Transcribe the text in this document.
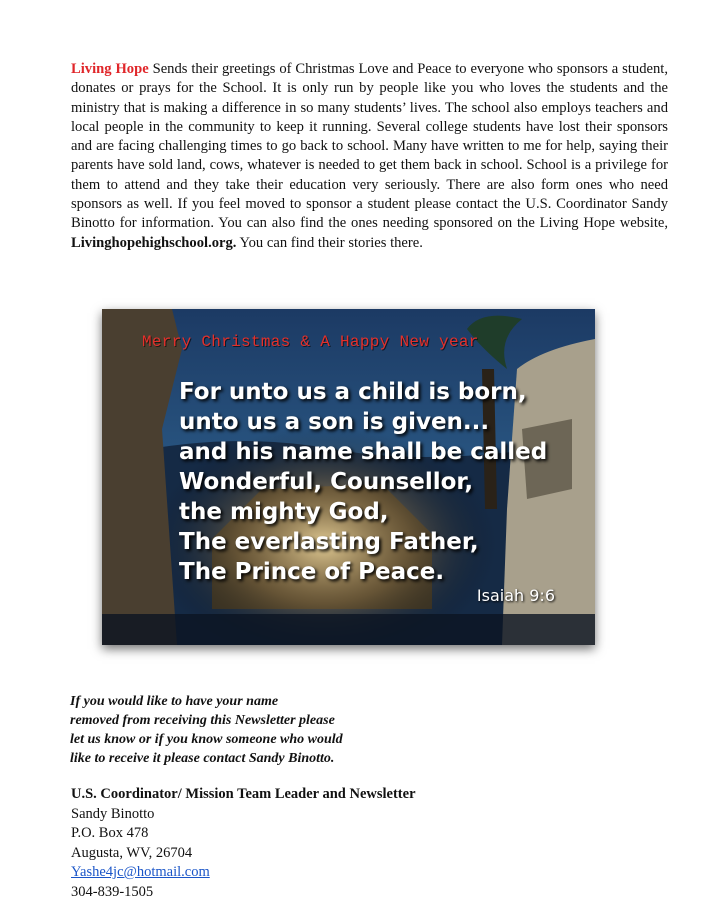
Living Hope Sends their greetings of Christmas Love and Peace to everyone who sponsors a student, donates or prays for the School. It is only run by people like you who loves the students and the ministry that is making a difference in so many students’ lives. The school also employs teachers and local people in the community to keep it running. Several college students have lost their sponsors and are facing challenging times to go back to school. Many have written to me for help, saying their parents have sold land, cows, whatever is needed to get them back in school. School is a privilege for them to attend and they take their education very seriously. There are also form ones who need sponsors as well. If you feel moved to sponsor a student please contact the U.S. Coordinator Sandy Binotto for information. You can also find the ones needing sponsored on the Living Hope website, Livinghopehighschool.org. You can find their stories there.

Merry Christmas & A Happy New year
For unto us a child is born,
unto us a son is given...
and his name shall be called
Wonderful, Counsellor,
the mighty God,
The everlasting Father,
The Prince of Peace.
Isaiah 9:6
If you would like to have your name
removed from receiving this Newsletter please
let us know or if you know someone who would
like to receive it please contact Sandy Binotto.
U.S. Coordinator/ Mission Team Leader and Newsletter
Sandy Binotto
P.O. Box 478
Augusta, WV, 26704
Yashe4jc@hotmail.com
304-839-1505
